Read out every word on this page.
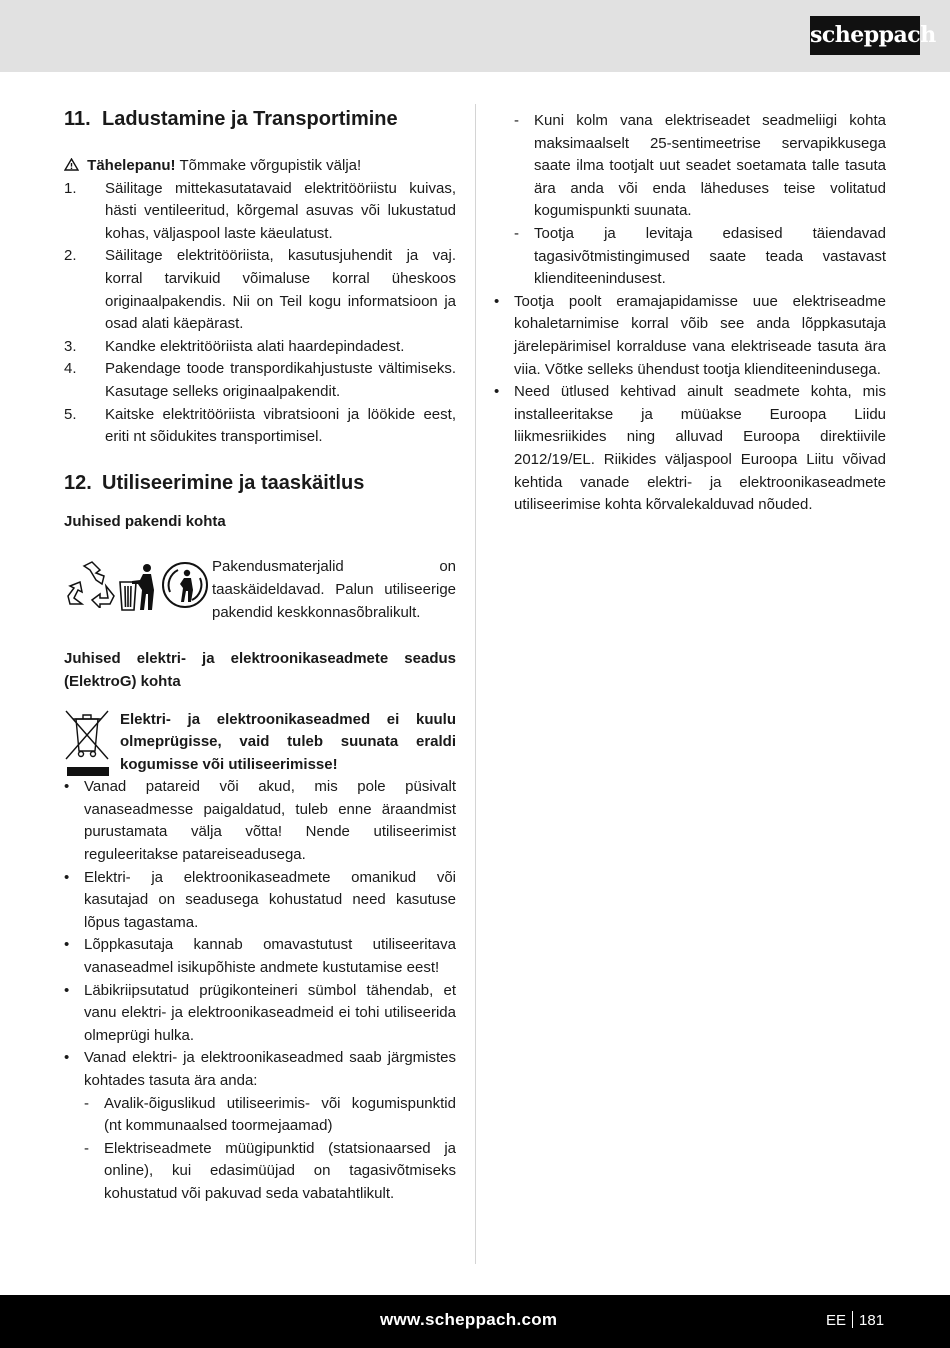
scheppach
11. Ladustamine ja Transportimine
Tähelepanu! Tõmmake võrgupistik välja!
1.	Säilitage mittekasutatavaid elektritööriistu kuivas, hästi ventileeritud, kõrgemal asuvas või lukustatud kohas, väljaspool laste käeulatust.
2.	Säilitage elektritööriista, kasutusjuhendit ja vaj. korral tarvikuid võimaluse korral üheskoos originaalpakendis. Nii on Teil kogu informatsioon ja osad alati käepärast.
3.	Kandke elektritööriista alati haardepindadest.
4.	Pakendage toode transpordikahjustuste vältimiseks. Kasutage selleks originaalpakendit.
5.	Kaitske elektritööriista vibratsiooni ja löökide eest, eriti nt sõidukites transportimisel.
12. Utiliseerimine ja taaskäitlus
Juhised pakendi kohta
Pakendusmaterjalid on taaskäideldavad. Palun utiliseerige pakendid keskkonnasõbralikult.
Juhised elektri- ja elektroonikaseadmete seadus (ElektroG) kohta
Elektri- ja elektroonikaseadmed ei kuulu olmeprügisse, vaid tuleb suunata eraldi kogumisse või utiliseerimisse!
• Vanad patareid või akud, mis pole püsivalt vanaseadmesse paigaldatud, tuleb enne äraandmist purustamata välja võtta! Nende utiliseerimist reguleeritakse patareiseadusega.
• Elektri- ja elektroonikaseadmete omanikud või kasutajad on seadusega kohustatud need kasutuse lõpus tagastama.
• Lõppkasutaja kannab omavastutust utiliseeritava vanaseadmel isikupõhiste andmete kustutamise eest!
• Läbikriipsutatud prügikonteineri sümbol tähendab, et vanu elektri- ja elektroonikaseadmeid ei tohi utiliseerida olmeprügi hulka.
• Vanad elektri- ja elektroonikaseadmed saab järgmistes kohtades tasuta ära anda:
-	Avalik-õiguslikud utiliseerimis- või kogumispunktid (nt kommunaalsed toormejaamad)
-	Elektriseadmete müügipunktid (statsionaarsed ja online), kui edasimüüjad on tagasivõtmiseks kohustatud või pakuvad seda vabatahtlikult.
-	Kuni kolm vana elektriseadet seadmeliigi kohta maksimaalselt 25-sentimeetrise servapikkusega saate ilma tootjalt uut seadet soetamata talle tasuta ära anda või enda läheduses teise volitatud kogumispunkti suunata.
-	Tootja ja levitaja edasised täiendavad tagasivõtmistingimused saate teada vastavast klienditeenindusest.
• Tootja poolt eramajapidamisse uue elektriseadme kohaletarnimise korral võib see anda lõppkasutaja järelepärimisel korralduse vana elektriseade tasuta ära viia. Võtke selleks ühendust tootja klienditeenindusega.
• Need ütlused kehtivad ainult seadmete kohta, mis installeeritakse ja müüakse Euroopa Liidu liikmesriikides ning alluvad Euroopa direktiivile 2012/19/EL. Riikides väljaspool Euroopa Liitu võivad kehtida vanade elektri- ja elektroonikaseadmete utiliseerimise kohta kõrvalekalduvad nõuded.
www.scheppach.com	EE 181
